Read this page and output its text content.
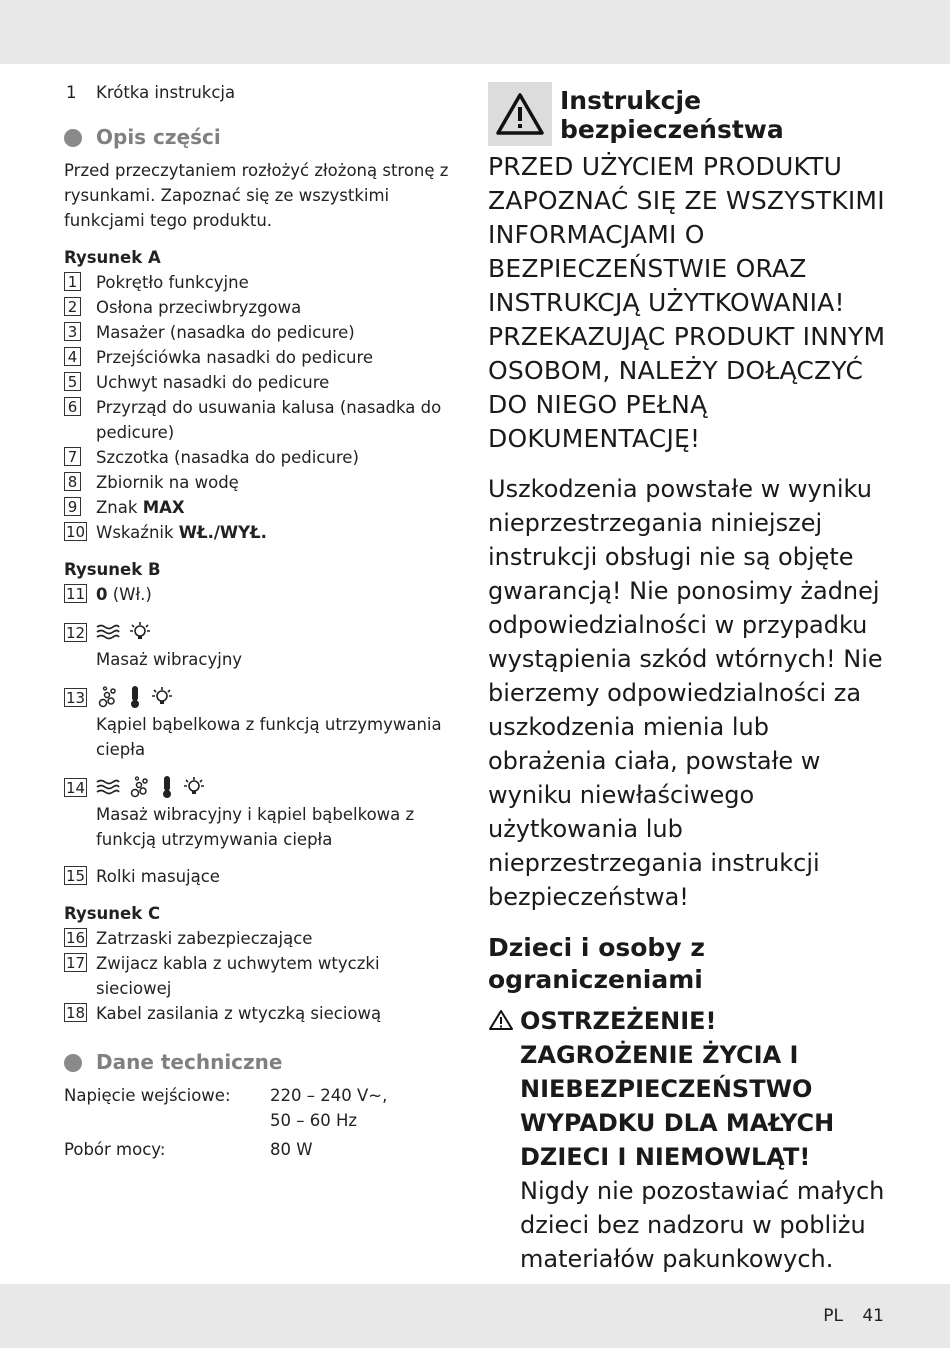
1 Krótka instrukcja
Opis części

Przed przeczytaniem rozłożyć złożoną stronę z rysunkami. Zapoznać się ze wszystkimi funkcjami tego produktu.

Rysunek A
1 Pokrętło funkcyjne
2 Osłona przeciwbryzgowa
3 Masażer (nasadka do pedicure)
4 Przejściówka nasadki do pedicure
5 Uchwyt nasadki do pedicure
6 Przyrząd do usuwania kalusa (nasadka do pedicure)
7 Szczotka (nasadka do pedicure)
8 Zbiornik na wodę
9 Znak MAX
10 Wskaźnik WŁ./WYŁ.
Rysunek B
11 0 (Wł.)
12
Masaż wibracyjny
13
Kąpiel bąbelkowa z funkcją utrzymywania ciepła
14
Masaż wibracyjny i kąpiel bąbelkowa z funkcją utrzymywania ciepła
15 Rolki masujące
Rysunek C
16 Zatrzaski zabezpieczające
17 Zwijacz kabla z uchwytem wtyczki sieciowej
18 Kabel zasilania z wtyczką sieciową
Dane techniczne
Napięcie wejściowe:	220 – 240 V~,
50 – 60 Hz
Pobór mocy:	80 W
Instrukcje
bezpieczeństwa
PRZED UŻYCIEM PRODUKTU ZAPOZNAĆ SIĘ ZE WSZYSTKIMI INFORMACJAMI O BEZPIECZEŃSTWIE ORAZ INSTRUKCJĄ UŻYTKOWANIA! PRZEKAZUJĄC PRODUKT INNYM OSOBOM, NALEŻY DOŁĄCZYĆ DO NIEGO PEŁNĄ DOKUMENTACJĘ!
Uszkodzenia powstałe w wyniku nieprzestrzegania niniejszej instrukcji obsługi nie są objęte gwarancją! Nie ponosimy żadnej odpowiedzialności w przypadku wystąpienia szkód wtórnych! Nie bierzemy odpowiedzialności za uszkodzenia mienia lub obrażenia ciała, powstałe w wyniku niewłaściwego użytkowania lub nieprzestrzegania instrukcji bezpieczeństwa!
Dzieci i osoby z ograniczeniami
OSTRZEŻENIE! ZAGROŻENIE ŻYCIA I NIEBEZPIECZEŃSTWO WYPADKU DLA MAŁYCH DZIECI I NIEMOWLĄT!
Nigdy nie pozostawiać małych dzieci bez nadzoru w pobliżu materiałów pakunkowych.
PL 41
